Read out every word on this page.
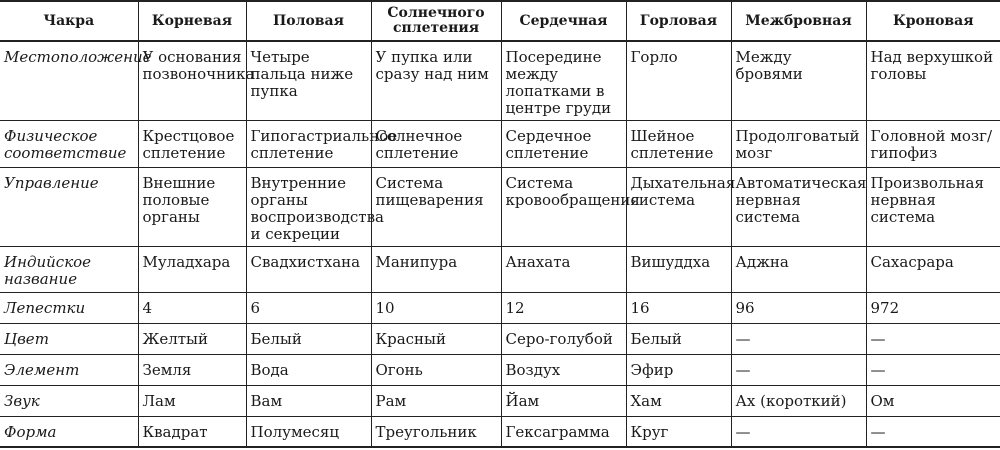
Чакра	Корневая	Половая	Солнечного сплетения	Сердечная	Горловая	Межбровная	Кроновая
Местоположение	У основания позвоночника	Четыре пальца ниже пупка	У пупка или сразу над ним	Посередине между лопатками в центре груди	Горло	Между бровями	Над верхушкой головы
Физическое соответствие	Крестцовое сплетение	Гипогастриальное сплетение	Солнечное сплетение	Сердечное сплетение	Шейное сплетение	Продолговатый мозг	Головной мозг/гипофиз
Управление	Внешние половые органы	Внутренние органы воспроизводства и секреции	Система пищеварения	Система кровообращения	Дыхательная система	Автоматическая нервная система	Произвольная нервная система
Индийское название	Муладхара	Свадхистхана	Манипура	Анахата	Вишуддха	Аджна	Сахасрара
Лепестки	4	6	10	12	16	96	972
Цвет	Желтый	Белый	Красный	Серо-голубой	Белый	—	—
Элемент	Земля	Вода	Огонь	Воздух	Эфир	—	—
Звук	Лам	Вам	Рам	Йам	Хам	Ах (короткий)	Ом
Форма	Квадрат	Полумесяц	Треугольник	Гексаграмма	Круг	—	—
